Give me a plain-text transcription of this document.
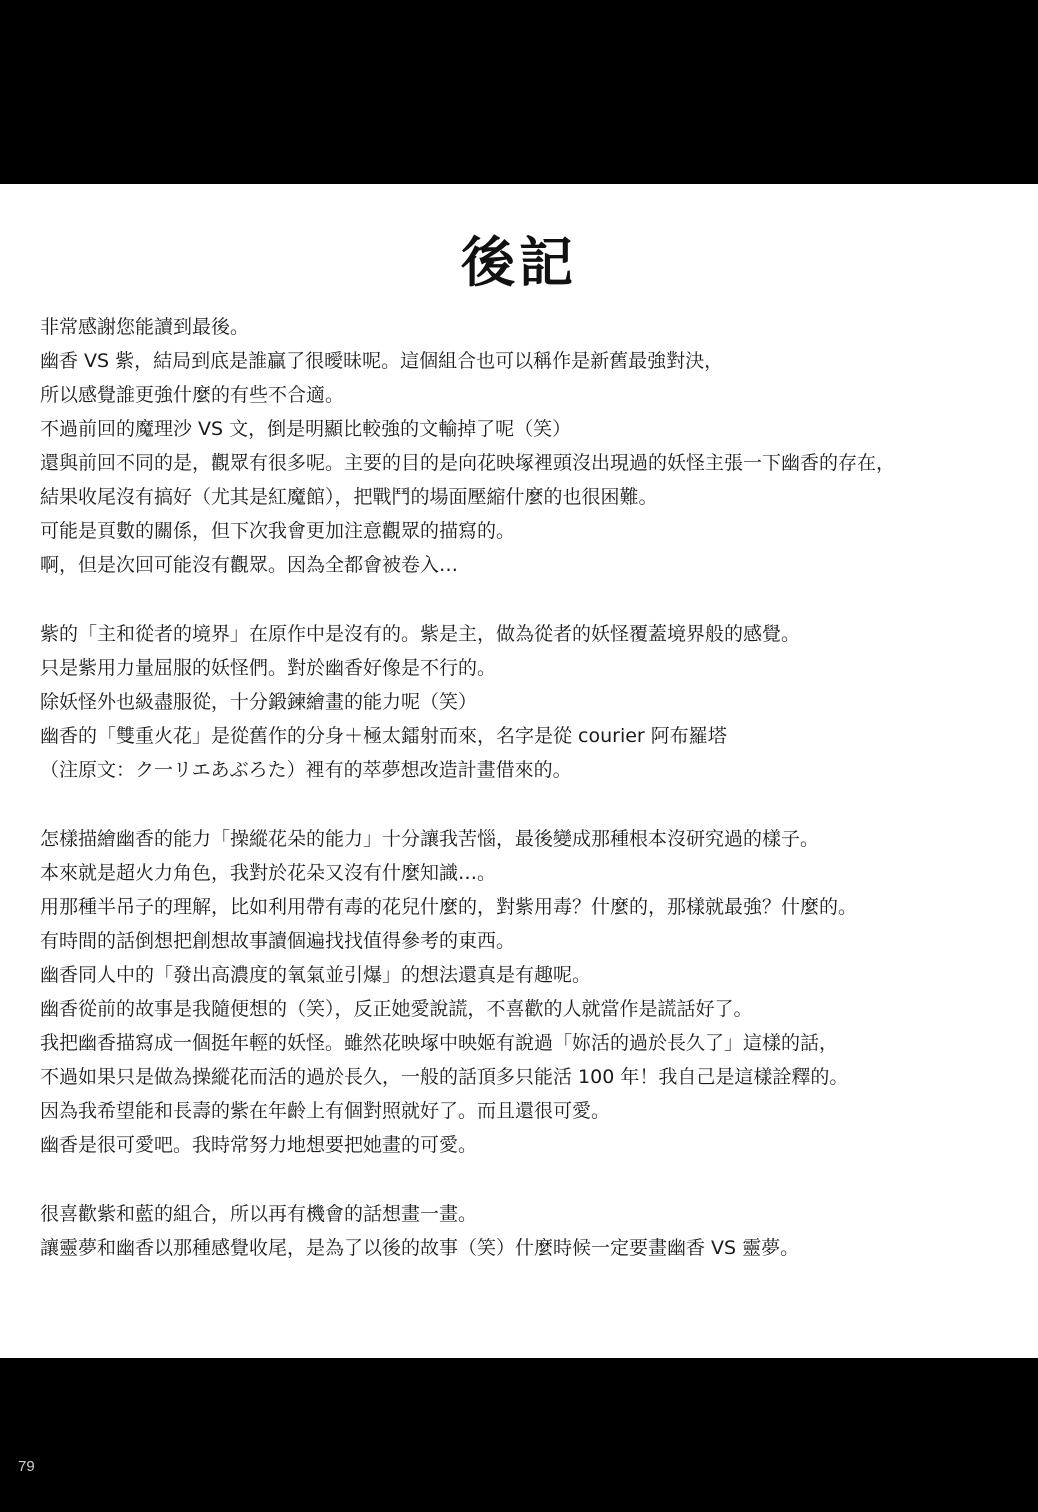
後記
非常感謝您能讀到最後。
幽香 VS 紫，結局到底是誰贏了很曖昧呢。這個組合也可以稱作是新舊最強對決，
所以感覺誰更強什麼的有些不合適。
不過前回的魔理沙 VS 文，倒是明顯比較強的文輸掉了呢（笑）
還與前回不同的是，觀眾有很多呢。主要的目的是向花映塚裡頭沒出現過的妖怪主張一下幽香的存在，
結果收尾沒有搞好（尤其是紅魔館），把戰鬥的場面壓縮什麼的也很困難。
可能是頁數的關係，但下次我會更加注意觀眾的描寫的。
啊，但是次回可能沒有觀眾。因為全都會被卷入…
紫的「主和從者的境界」在原作中是沒有的。紫是主，做為從者的妖怪覆蓋境界般的感覺。
只是紫用力量屈服的妖怪們。對於幽香好像是不行的。
除妖怪外也級盡服從，十分鍛鍊繪畫的能力呢（笑）
幽香的「雙重火花」是從舊作的分身＋極太鐳射而來，名字是從 courier 阿布羅塔
（注原文：ク一リエあぶろた）裡有的萃夢想改造計畫借來的。
怎樣描繪幽香的能力「操縱花朵的能力」十分讓我苦惱，最後變成那種根本沒研究過的樣子。
本來就是超火力角色，我對於花朵又沒有什麼知識…。
用那種半吊子的理解，比如利用帶有毒的花兒什麼的，對紫用毒？什麼的，那樣就最強？什麼的。
有時間的話倒想把創想故事讀個遍找找值得參考的東西。
幽香同人中的「發出高濃度的氧氣並引爆」的想法還真是有趣呢。
幽香從前的故事是我隨便想的（笑），反正她愛說謊，不喜歡的人就當作是謊話好了。
我把幽香描寫成一個挺年輕的妖怪。雖然花映塚中映姬有說過「妳活的過於長久了」這樣的話，
不過如果只是做為操縱花而活的過於長久，一般的話頂多只能活 100 年！我自己是這樣詮釋的。
因為我希望能和長壽的紫在年齡上有個對照就好了。而且還很可愛。
幽香是很可愛吧。我時常努力地想要把她畫的可愛。
很喜歡紫和藍的組合，所以再有機會的話想畫一畫。
讓靈夢和幽香以那種感覺收尾，是為了以後的故事（笑）什麼時候一定要畫幽香 VS 靈夢。
79
